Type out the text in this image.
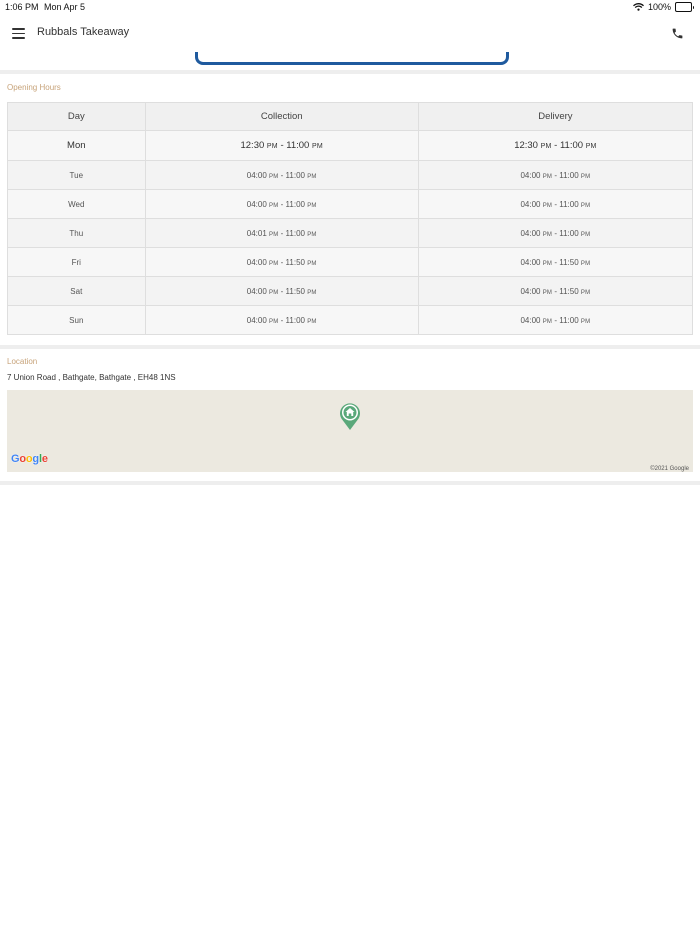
1:06 PM Mon Apr 5	100%
Rubbals Takeaway
Opening Hours
Day	Collection	Delivery
Mon	12:30 PM - 11:00 PM	12:30 PM - 11:00 PM
Tue	04:00 PM - 11:00 PM	04:00 PM - 11:00 PM
Wed	04:00 PM - 11:00 PM	04:00 PM - 11:00 PM
Thu	04:01 PM - 11:00 PM	04:00 PM - 11:00 PM
Fri	04:00 PM - 11:50 PM	04:00 PM - 11:50 PM
Sat	04:00 PM - 11:50 PM	04:00 PM - 11:50 PM
Sun	04:00 PM - 11:00 PM	04:00 PM - 11:00 PM
Location
7 Union Road , Bathgate, Bathgate , EH48 1NS
Google
©2021 Google
